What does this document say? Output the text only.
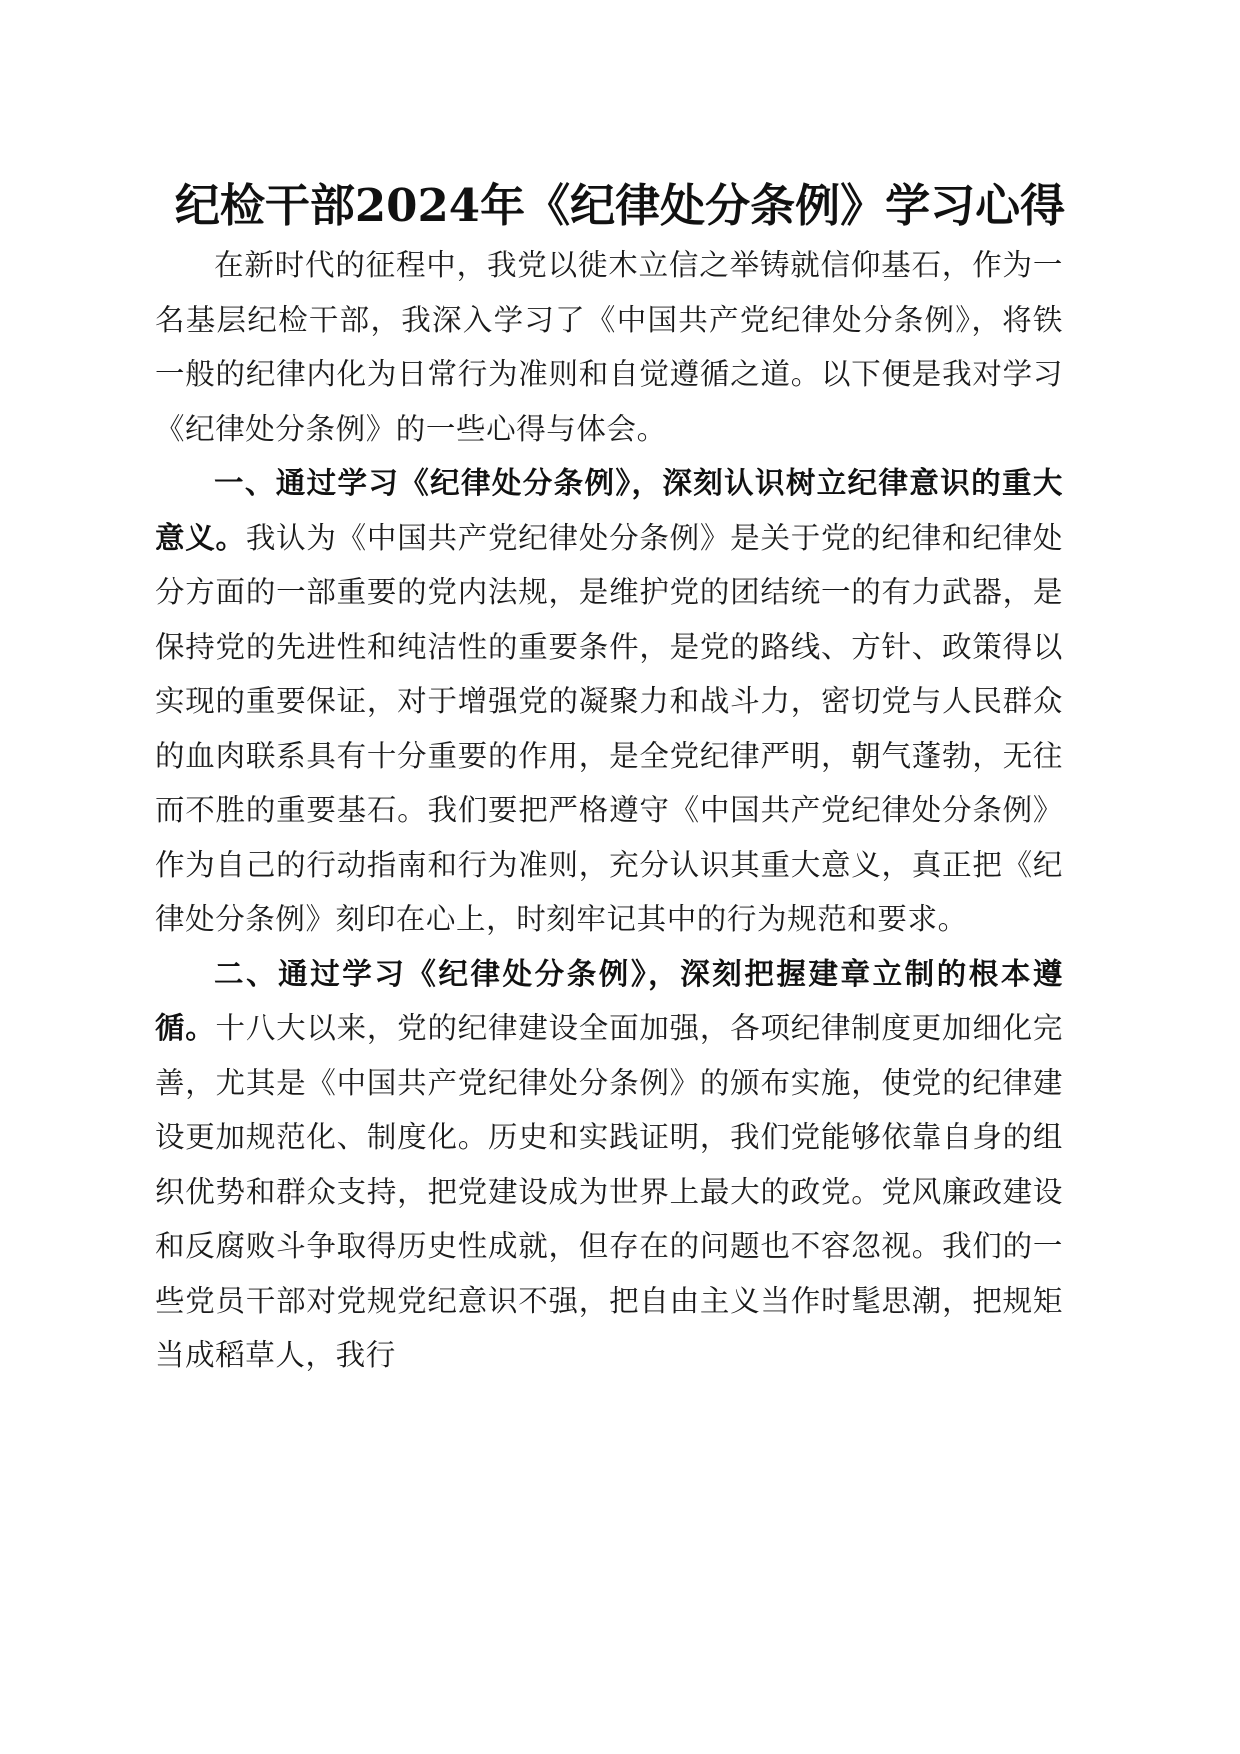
纪检干部2024年《纪律处分条例》学习心得

在新时代的征程中，我党以徙木立信之举铸就信仰基石，作为一名基层纪检干部，我深入学习了《中国共产党纪律处分条例》，将铁一般的纪律内化为日常行为准则和自觉遵循之道。以下便是我对学习《纪律处分条例》的一些心得与体会。

一、通过学习《纪律处分条例》，深刻认识树立纪律意识的重大意义。我认为《中国共产党纪律处分条例》是关于党的纪律和纪律处分方面的一部重要的党内法规，是维护党的团结统一的有力武器，是保持党的先进性和纯洁性的重要条件，是党的路线、方针、政策得以实现的重要保证，对于增强党的凝聚力和战斗力，密切党与人民群众的血肉联系具有十分重要的作用，是全党纪律严明，朝气蓬勃，无往而不胜的重要基石。我们要把严格遵守《中国共产党纪律处分条例》作为自己的行动指南和行为准则，充分认识其重大意义，真正把《纪律处分条例》刻印在心上，时刻牢记其中的行为规范和要求。

二、通过学习《纪律处分条例》，深刻把握建章立制的根本遵循。十八大以来，党的纪律建设全面加强，各项纪律制度更加细化完善，尤其是《中国共产党纪律处分条例》的颁布实施，使党的纪律建设更加规范化、制度化。历史和实践证明，我们党能够依靠自身的组织优势和群众支持，把党建设成为世界上最大的政党。党风廉政建设和反腐败斗争取得历史性成就，但存在的问题也不容忽视。我们的一些党员干部对党规党纪意识不强，把自由主义当作时髦思潮，把规矩当成稻草人，我行
